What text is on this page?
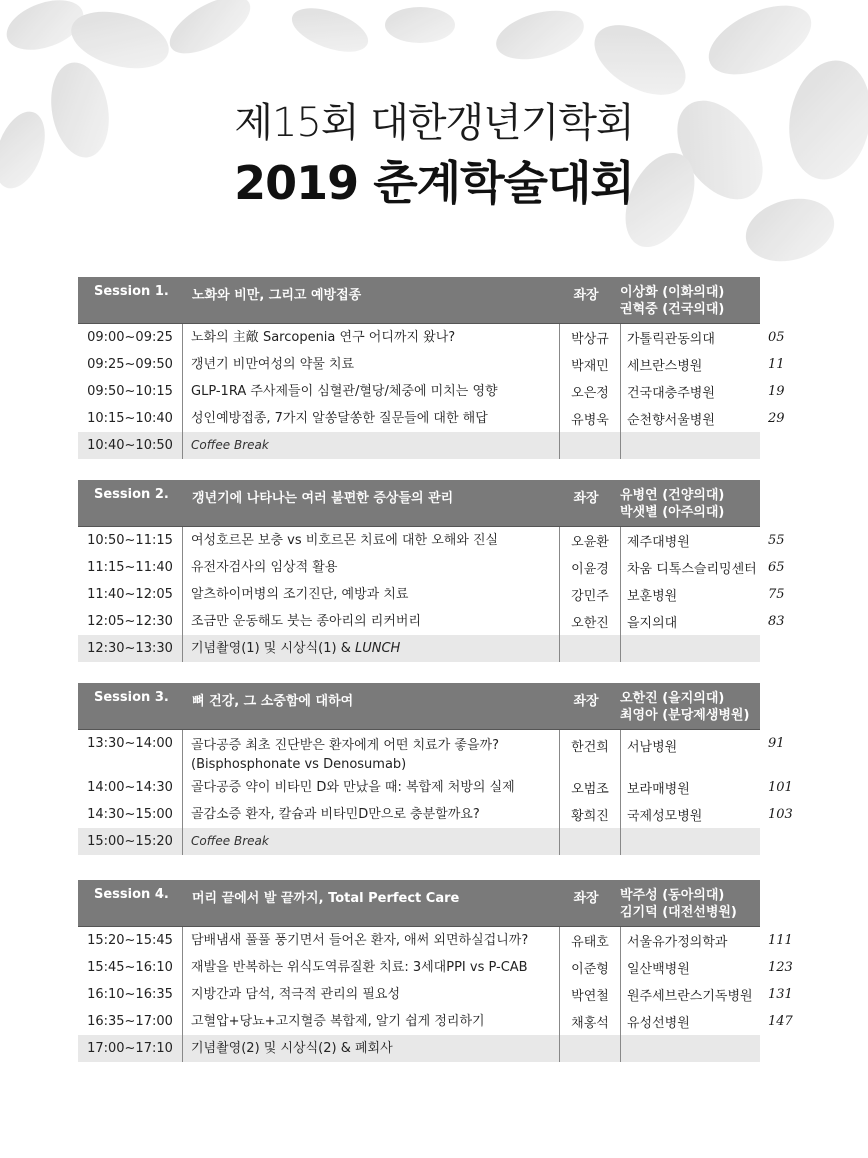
제15회 대한갱년기학회
2019 춘계학술대회
Session 1.	노화와 비만, 그리고 예방접종	좌장	이상화 (이화의대)
권혁중 (건국의대)
09:00~09:25	노화의 主敵 Sarcopenia 연구 어디까지 왔나?	박상규	가톨릭관동의대	05
09:25~09:50	갱년기 비만여성의 약물 치료	박재민	세브란스병원	11
09:50~10:15	GLP-1RA 주사제들이 심혈관/혈당/체중에 미치는 영향	오은정	건국대충주병원	19
10:15~10:40	성인예방접종, 7가지 알쏭달쏭한 질문들에 대한 해답	유병욱	순천향서울병원	29
10:40~10:50	Coffee Break
Session 2.	갱년기에 나타나는 여러 불편한 증상들의 관리	좌장	유병연 (건양의대)
박샛별 (아주의대)
10:50~11:15	여성호르몬 보충 vs 비호르몬 치료에 대한 오해와 진실	오윤환	제주대병원	55
11:15~11:40	유전자검사의 임상적 활용	이윤경	차움 디톡스슬리밍센터 65
11:40~12:05	알츠하이머병의 조기진단, 예방과 치료	강민주	보훈병원	75
12:05~12:30	조금만 운동해도 붓는 종아리의 리커버리	오한진	을지의대	83
12:30~13:30	기념촬영(1) 및 시상식(1) & LUNCH
Session 3.	뼈 건강, 그 소중함에 대하여	좌장	오한진 (을지의대)
최영아 (분당제생병원)
13:30~14:00	골다공증 최초 진단받은 환자에게 어떤 치료가 좋을까?
(Bisphosphonate vs Denosumab)
한건희	서남병원	91
14:00~14:30	골다공증 약이 비타민 D와 만났을 때: 복합제 처방의 실제	오범조	보라매병원	101
14:30~15:00	골감소증 환자, 칼슘과 비타민D만으로 충분할까요?	황희진	국제성모병원	103
15:00~15:20	Coffee Break
Session 4.	머리 끝에서 발 끝까지, Total Perfect Care	좌장	박주성 (동아의대)
김기덕 (대전선병원)
15:20~15:45	담배냄새 풀풀 풍기면서 들어온 환자, 애써 외면하실겁니까?	유태호	서울유가정의학과	111
15:45~16:10	재발을 반복하는 위식도역류질환 치료: 3세대PPI vs P-CAB	이준형	일산백병원	123
16:10~16:35	지방간과 담석, 적극적 관리의 필요성	박연철	원주세브란스기독병원	131
16:35~17:00	고혈압+당뇨+고지혈증 복합제, 알기 쉽게 정리하기	채홍석	유성선병원	147
17:00~17:10	기념촬영(2) 및 시상식(2) & 폐회사
